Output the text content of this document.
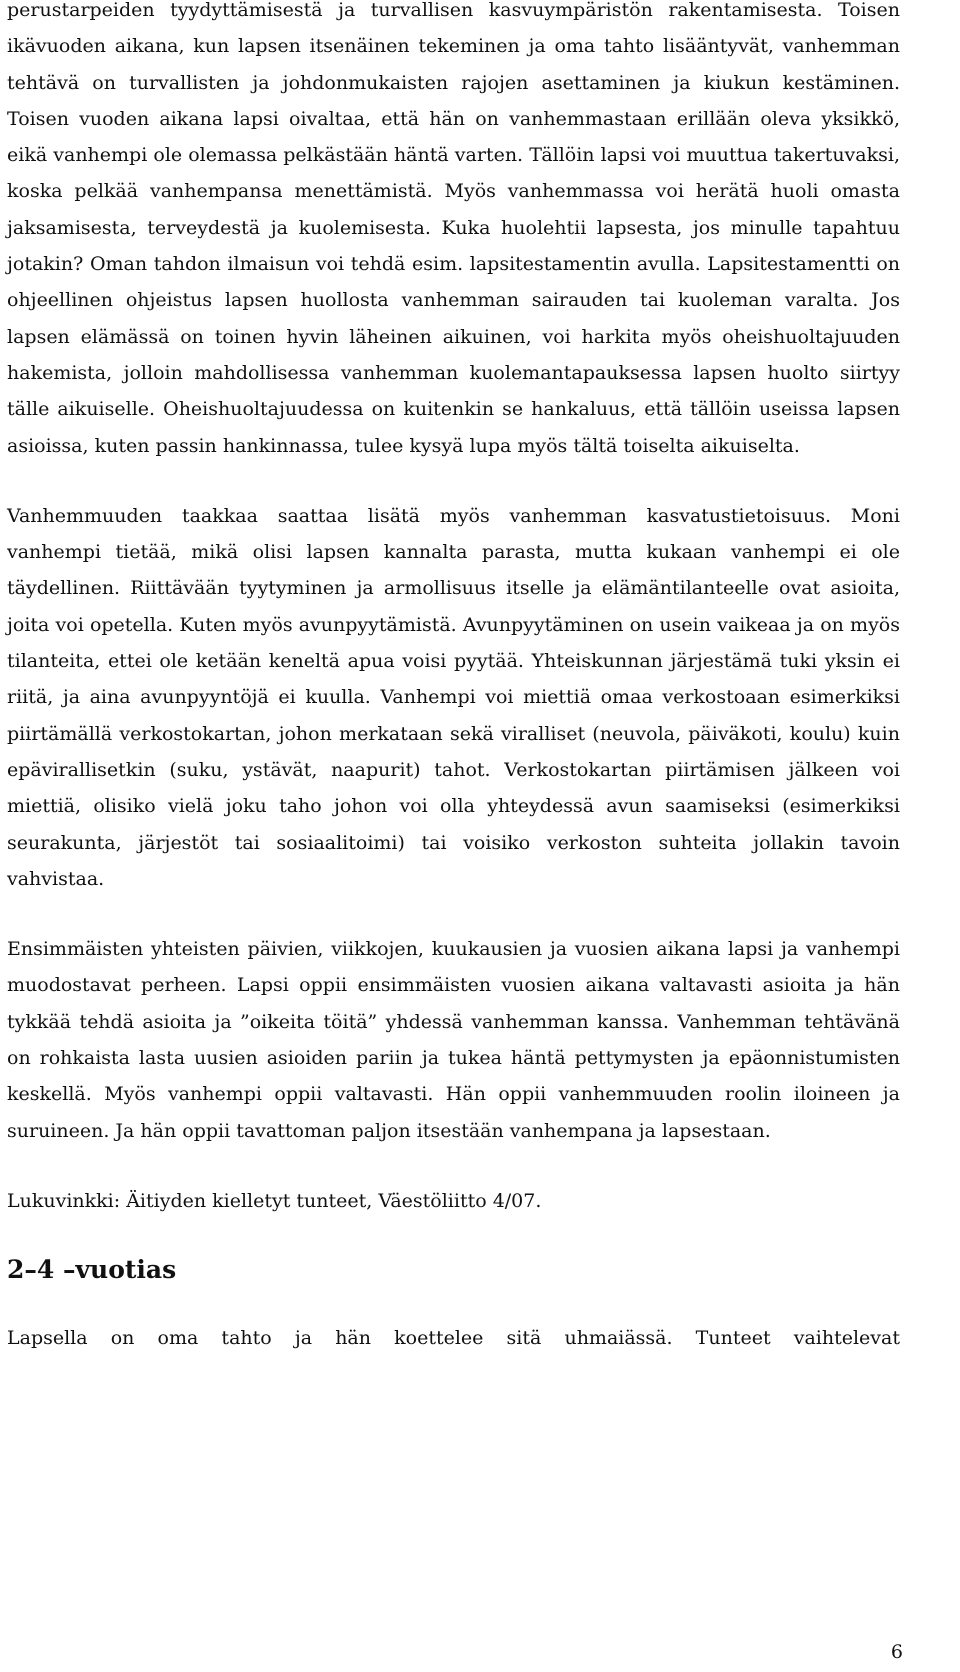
perustarpeiden tyydyttämisestä ja turvallisen kasvuympäristön rakentamisesta. Toisen ikävuoden aikana, kun lapsen itsenäinen tekeminen ja oma tahto lisääntyvät, vanhemman tehtävä on turvallisten ja johdonmukaisten rajojen asettaminen ja kiukun kestäminen. Toisen vuoden aikana lapsi oivaltaa, että hän on vanhemmastaan erillään oleva yksikkö, eikä vanhempi ole olemassa pelkästään häntä varten. Tällöin lapsi voi muuttua takertuvaksi, koska pelkää vanhempansa menettämistä. Myös vanhemmassa voi herätä huoli omasta jaksamisesta, terveydestä ja kuolemisesta. Kuka huolehtii lapsesta, jos minulle tapahtuu jotakin? Oman tahdon ilmaisun voi tehdä esim. lapsitestamentin avulla. Lapsitestamentti on ohjeellinen ohjeistus lapsen huollosta vanhemman sairauden tai kuoleman varalta. Jos lapsen elämässä on toinen hyvin läheinen aikuinen, voi harkita myös oheishuoltajuuden hakemista, jolloin mahdollisessa vanhemman kuolemantapauksessa lapsen huolto siirtyy tälle aikuiselle. Oheishuoltajuudessa on kuitenkin se hankaluus, että tällöin useissa lapsen asioissa, kuten passin hankinnassa, tulee kysyä lupa myös tältä toiselta aikuiselta.

Vanhemmuuden taakkaa saattaa lisätä myös vanhemman kasvatustietoisuus. Moni vanhempi tietää, mikä olisi lapsen kannalta parasta, mutta kukaan vanhempi ei ole täydellinen. Riittävään tyytyminen ja armollisuus itselle ja elämäntilanteelle ovat asioita, joita voi opetella. Kuten myös avunpyytämistä. Avunpyytäminen on usein vaikeaa ja on myös tilanteita, ettei ole ketään keneltä apua voisi pyytää. Yhteiskunnan järjestämä tuki yksin ei riitä, ja aina avunpyyntöjä ei kuulla. Vanhempi voi miettiä omaa verkostoaan esimerkiksi piirtämällä verkostokartan, johon merkataan sekä viralliset (neuvola, päiväkoti, koulu) kuin epävirallisetkin (suku, ystävät, naapurit) tahot. Verkostokartan piirtämisen jälkeen voi miettiä, olisiko vielä joku taho johon voi olla yhteydessä avun saamiseksi (esimerkiksi seurakunta, järjestöt tai sosiaalitoimi) tai voisiko verkoston suhteita jollakin tavoin vahvistaa.

Ensimmäisten yhteisten päivien, viikkojen, kuukausien ja vuosien aikana lapsi ja vanhempi muodostavat perheen. Lapsi oppii ensimmäisten vuosien aikana valtavasti asioita ja hän tykkää tehdä asioita ja ”oikeita töitä” yhdessä vanhemman kanssa. Vanhemman tehtävänä on rohkaista lasta uusien asioiden pariin ja tukea häntä pettymysten ja epäonnistumisten keskellä. Myös vanhempi oppii valtavasti. Hän oppii vanhemmuuden roolin iloineen ja suruineen. Ja hän oppii tavattoman paljon itsestään vanhempana ja lapsestaan.

Lukuvinkki: Äitiyden kielletyt tunteet, Väestöliitto 4/07.

2–4 –vuotias

Lapsella on oma tahto ja hän koettelee sitä uhmaiässä. Tunteet vaihtelevat

6
